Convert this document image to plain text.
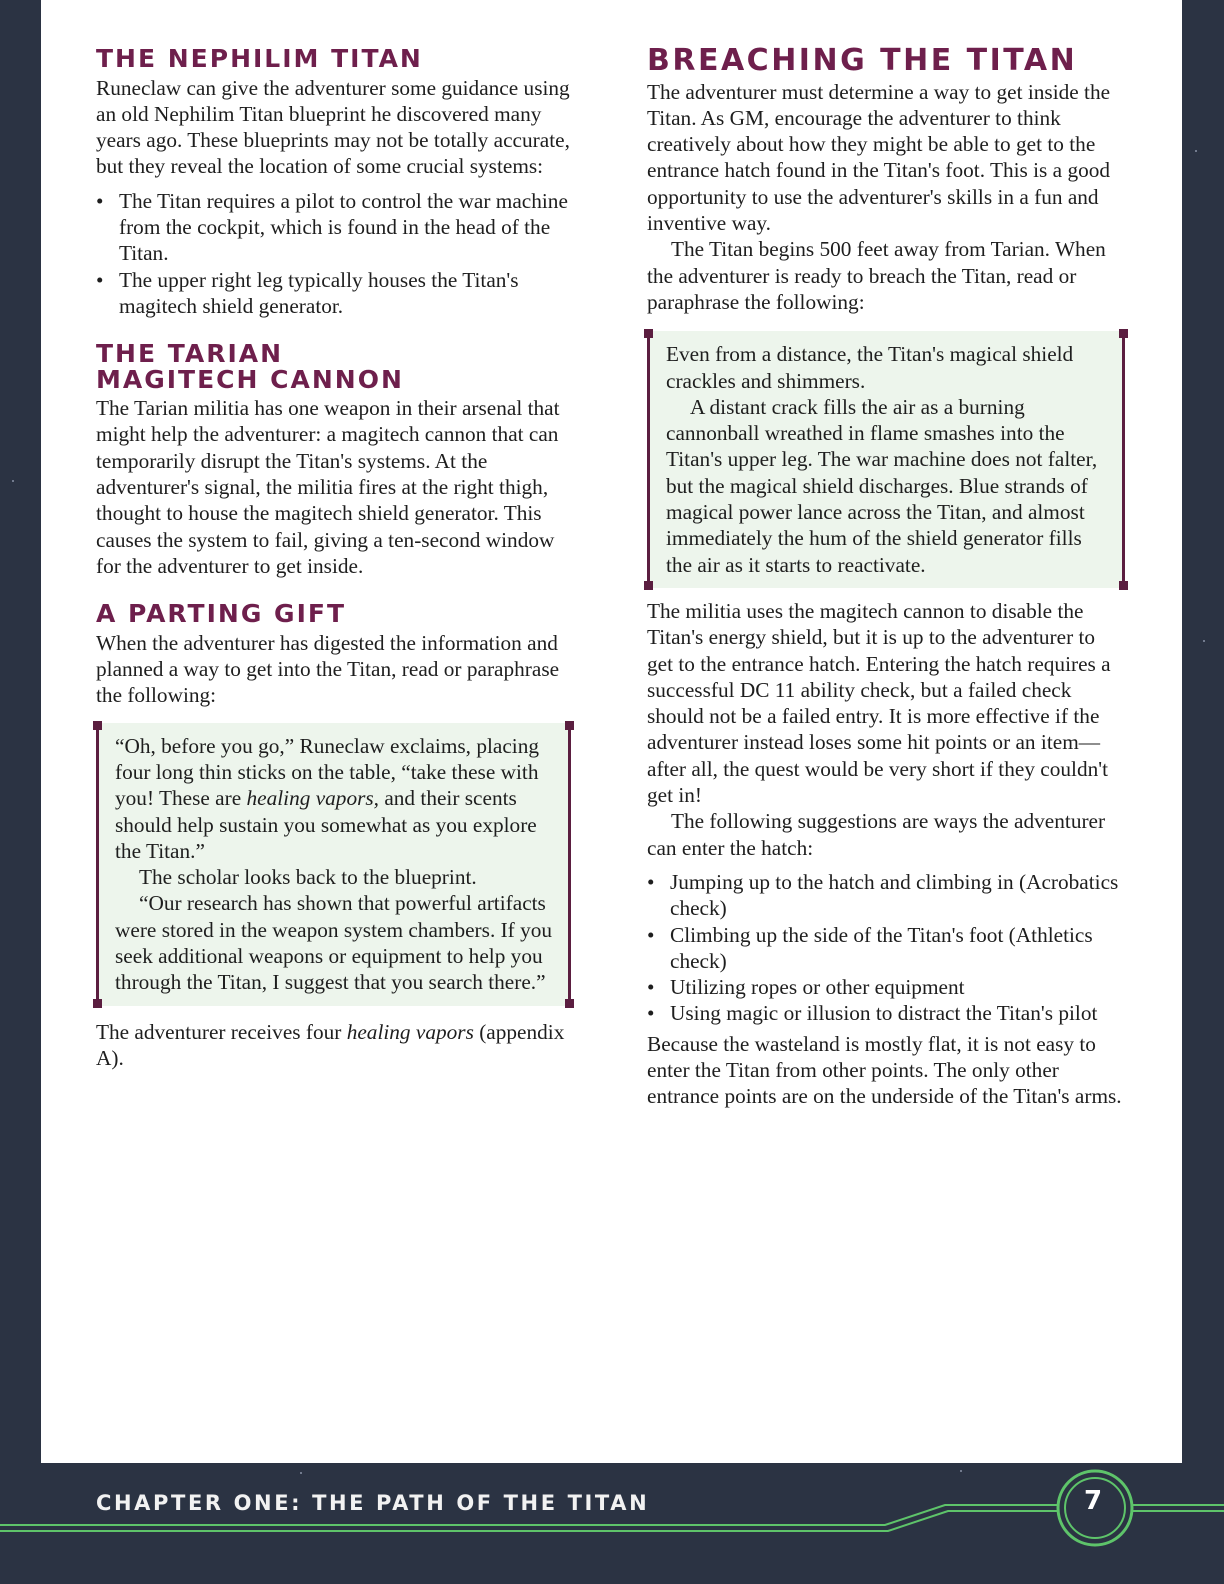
THE NEPHILIM TITAN

Runeclaw can give the adventurer some guidance using an old Nephilim Titan blueprint he discovered many years ago. These blueprints may not be totally accurate, but they reveal the location of some crucial systems:

• The Titan requires a pilot to control the war machine from the cockpit, which is found in the head of the Titan.
• The upper right leg typically houses the Titan's magitech shield generator.
THE TARIAN
MAGITECH CANNON

The Tarian militia has one weapon in their arsenal that might help the adventurer: a magitech cannon that can temporarily disrupt the Titan's systems. At the adventurer's signal, the militia fires at the right thigh, thought to house the magitech shield generator. This causes the system to fail, giving a ten-second window for the adventurer to get inside.

A PARTING GIFT

When the adventurer has digested the information and planned a way to get into the Titan, read or paraphrase the following:

“Oh, before you go,” Runeclaw exclaims, placing four long thin sticks on the table, “take these with you! These are healing vapors, and their scents should help sustain you somewhat as you explore the Titan.”

The scholar looks back to the blueprint.

“Our research has shown that powerful artifacts were stored in the weapon system chambers. If you seek additional weapons or equipment to help you through the Titan, I suggest that you search there.”

The adventurer receives four healing vapors (appendix A).

BREACHING THE TITAN

The adventurer must determine a way to get inside the Titan. As GM, encourage the adventurer to think creatively about how they might be able to get to the entrance hatch found in the Titan's foot. This is a good opportunity to use the adventurer's skills in a fun and inventive way.

The Titan begins 500 feet away from Tarian. When the adventurer is ready to breach the Titan, read or paraphrase the following:

Even from a distance, the Titan's magical shield crackles and shimmers.

A distant crack fills the air as a burning cannonball wreathed in flame smashes into the Titan's upper leg. The war machine does not falter, but the magical shield discharges. Blue strands of magical power lance across the Titan, and almost immediately the hum of the shield generator fills the air as it starts to reactivate.

The militia uses the magitech cannon to disable the Titan's energy shield, but it is up to the adventurer to get to the entrance hatch. Entering the hatch requires a successful DC 11 ability check, but a failed check should not be a failed entry. It is more effective if the adventurer instead loses some hit points or an item—after all, the quest would be very short if they couldn't get in!

The following suggestions are ways the adventurer can enter the hatch:

• Jumping up to the hatch and climbing in (Acrobatics check)
• Climbing up the side of the Titan's foot (Athletics check)
• Utilizing ropes or other equipment
• Using magic or illusion to distract the Titan's pilot

Because the wasteland is mostly flat, it is not easy to enter the Titan from other points. The only other entrance points are on the underside of the Titan's arms.

CHAPTER ONE: THE PATH OF THE TITAN	7
